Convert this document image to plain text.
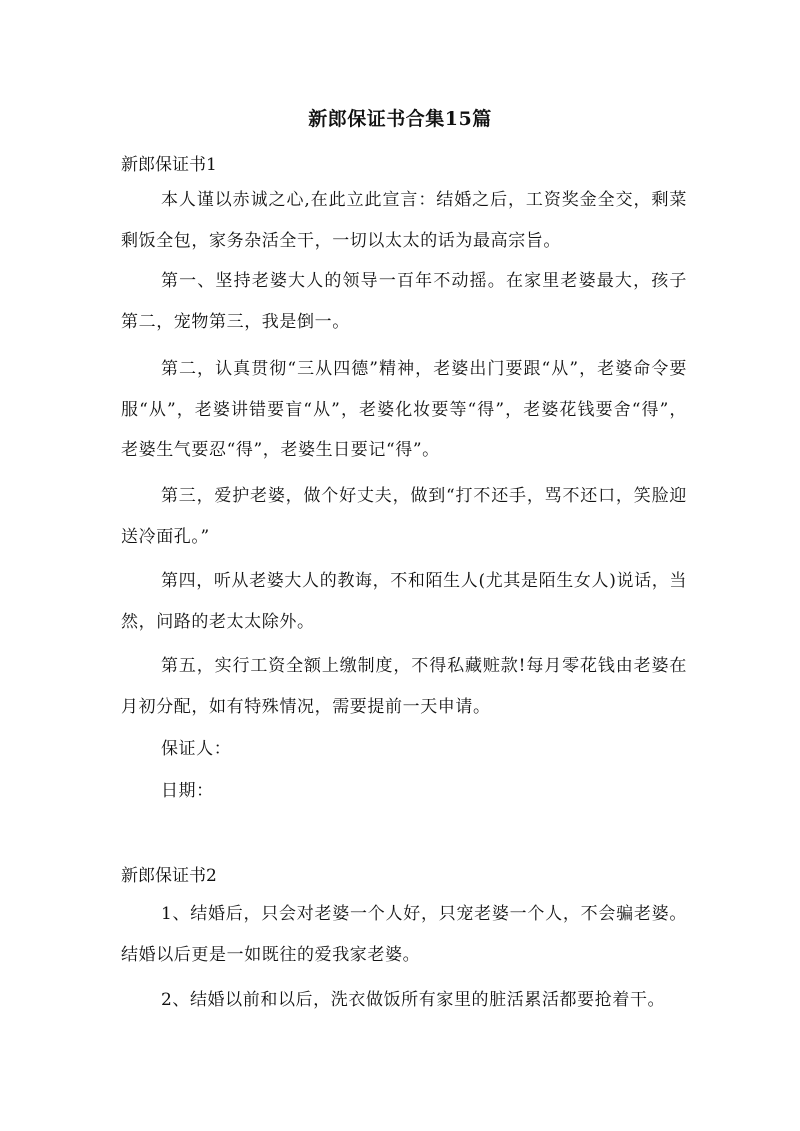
新郎保证书合集15篇
新郎保证书1
本人谨以赤诚之心,在此立此宣言：结婚之后，工资奖金全交，剩菜剩饭全包，家务杂活全干，一切以太太的话为最高宗旨。
第一、坚持老婆大人的领导一百年不动摇。在家里老婆最大，孩子第二，宠物第三，我是倒一。
第二，认真贯彻“三从四德”精神，老婆出门要跟“从”，老婆命令要服“从”，老婆讲错要盲“从”，老婆化妆要等“得”，老婆花钱要舍“得”，老婆生气要忍“得”，老婆生日要记“得”。
第三，爱护老婆，做个好丈夫，做到“打不还手，骂不还口，笑脸迎送冷面孔。”
第四，听从老婆大人的教诲，不和陌生人(尤其是陌生女人)说话，当然，问路的老太太除外。
第五，实行工资全额上缴制度，不得私藏赃款!每月零花钱由老婆在月初分配，如有特殊情况，需要提前一天申请。
保证人：
日期：
新郎保证书2
1、结婚后，只会对老婆一个人好，只宠老婆一个人，不会骗老婆。结婚以后更是一如既往的爱我家老婆。
2、结婚以前和以后，洗衣做饭所有家里的脏活累活都要抢着干。
